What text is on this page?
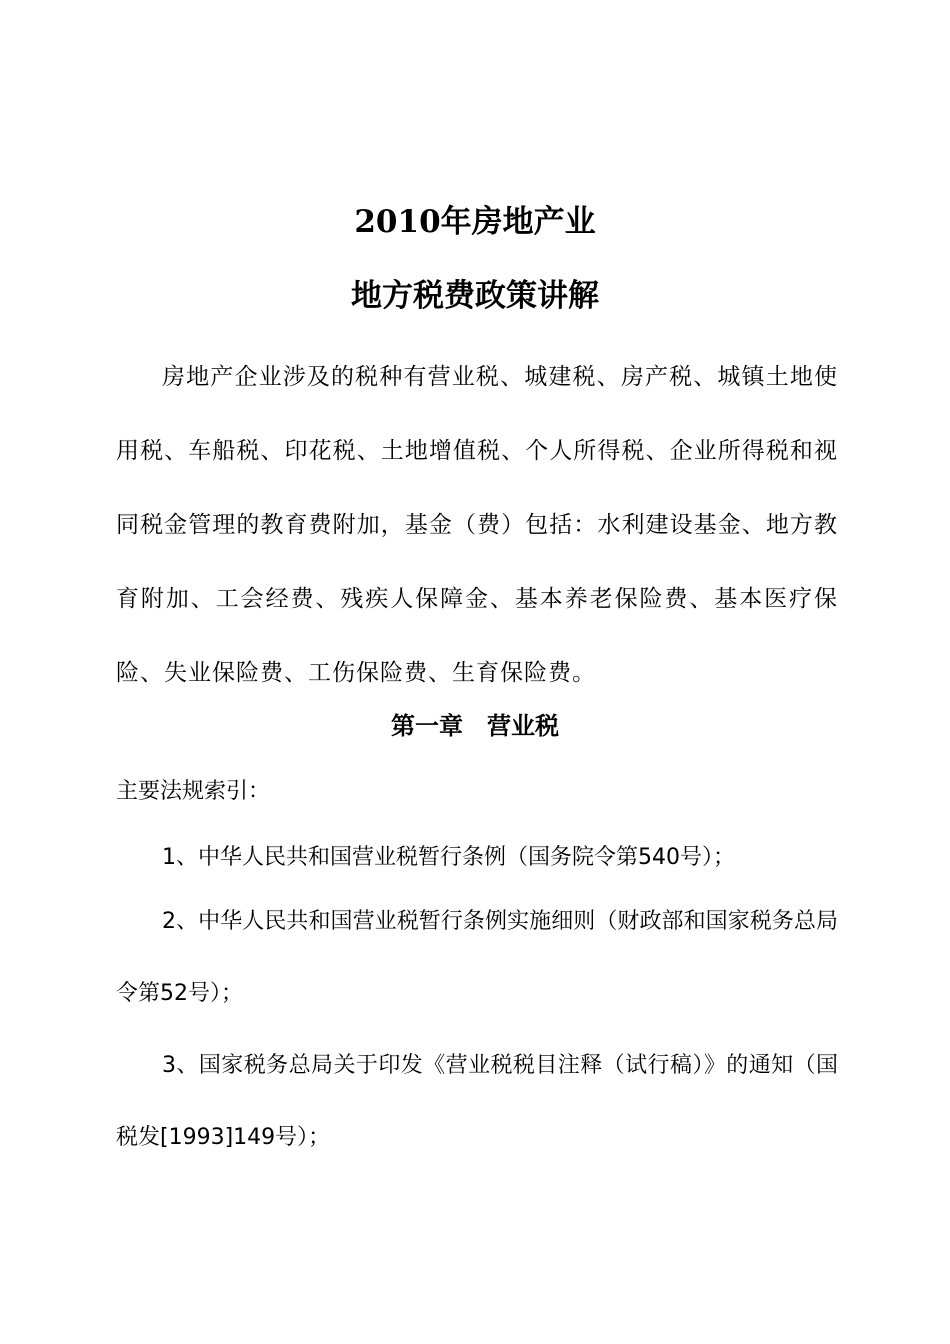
2010年房地产业
地方税费政策讲解

房地产企业涉及的税种有营业税、城建税、房产税、城镇土地使用税、车船税、印花税、土地增值税、个人所得税、企业所得税和视同税金管理的教育费附加，基金（费）包括：水利建设基金、地方教育附加、工会经费、残疾人保障金、基本养老保险费、基本医疗保险、失业保险费、工伤保险费、生育保险费。

第一章　营业税

主要法规索引：

1、中华人民共和国营业税暂行条例（国务院令第540号）；

2、中华人民共和国营业税暂行条例实施细则（财政部和国家税务总局令第52号）；

3、国家税务总局关于印发《营业税税目注释（试行稿）》的通知（国税发[1993]149号）；
